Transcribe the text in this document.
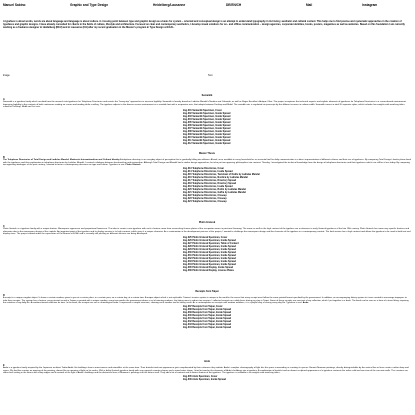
Manuel Sabino	Graphic and Type Design	Heidelberg/Lausanne	DE/EN/CH	Mail	Instagram

A typeface is about words, words are about language and language is about culture. A crossing point between type and graphic design as a basis for system – oriented and conceptual design is an attempt to understand typography in its history, aesthetic and cultural context. This helps me to find precise and systematic approaches in the creation of typefaces and graphic designs. I have already consulted for clients in the fields of culture, lifestyle and architecture. Focused on clear and contemporary aesthetics, I develop visual solutions for on– and offline communication – design agencies, corporate identities, books, posters, magazines as well as websites. Based on this foundation I am currently working as a freelance designer in Heidelberg (DEU) and in Lausanne (CH) after my recent graduation in the Master’s program in Type Design at ECAL.

Image	Text

Semantik

A

Semantik is a typeface family which resulted from the research into typefaces for Telephone Directories and revisits the "heavy-top" approaches to increase legibility. Semantik is loosely based on Ladislas Mandel’s Nordica and Colorado, as well as Roger Excoffon’s Antique Olive. The project recaptures the technical aspects and stylistic elements of typefaces for Telephone Directories in a screen-based environment. Improving legibility in the contexts of both continuous reading on screen and reading while scrolling. The typeface adjusts to the diverse screen environment as a variable font with a responsive axis, that adapts between Desktop and Mobil. The variable axis is regulated via javascript by the different screens in column width. Semantik comes in total 20 separate styles, which includes five weights with matching italics suited for Desktop, Mobil and List cuts.

Img-001 Semantik Specimen, Cover
Img-002 Semantik Specimen, Inside Spread
Img-003 Semantik Specimen, Inside Spread
Img-004 Semantik Specimen, Inside Spread
Img-005 Semantik Specimen, Inside Spread
Img-006 Semantik Specimen, Inside Spread
Img-007 Semantik Specimen, Inside Spread
Img-008 Semantik Specimen, Inside Spread
Img-009 Semantik Specimen, Inside Spread
Img-010 Semantik Specimen, Inside Spread
Img-011 Semantik Specimen, Inside Spread
Img-012 Semantik Specimen, Inside Spread

Master Thesis

B

The Telephone Directories of Total Design and Ladislas Mandel: Modernist Internationalism and Cultural Identity A telephone directory is an everyday object of perception that is gradually falling into oblivion. A book, once available in every household as an essential tool for daily communication is a direct representation of different cultures and their use of typefaces. By comparing Total Design’s books phone book with the typefaces and their explanation in telephone directories by Ladislas Mandel, I created a dialogue between functionalism and regionalism. Although Total Design and Mandel had a similar design approaches, but also put two opposing philosophies into contrast. Thereby, I investigated the technical knowledge from the design of telephone directories and their typefaces which can still be of use today. By comparing two opposing ideologies of the past century, I wanted to foster a contemporary discourse on type and culture. Typeface in use: Plotin Grotesk

Img-013 Telephone Directories, Cover
Img-014 Telephone Directories, Inside Spread
Img-015 Telephone Directories, Testsheet of Outils by Ladislas Mandel
Img-016 Telephone Directories, Nordica by Ladislas Mandel
Img-017 Telephone Directories, Directory Spread
Img-018 Telephone Directories, Directory Spread
Img-019 Telephone Directories, Inside Spread
Img-020 Telephone Directories, Bottin by Ladislas Mandel
Img-021 Telephone Directories, Galfra by Ladislas Mandel
Img-022 Telephone Directories, Closeup
Img-023 Telephone Directories, Closeup
Img-024 Telephone Directories, Closeup

Plotin Grotesk

C

Plotin Grotesk is a typeface family with a unique feature. Monospace uppercase and proportional lowercase. The idea to create a new typeface with such a feature came from researching license plates of the occupation zones in post-war Germany. The name as well as the high contrast of the typeface are a reference to early Grotesk typefaces of the late 19th century. Plotin Grotesk has some very specific features and alternates due to the monospace design of the capitals. An important point of the typeface and its display version is its high contrast, which gives it a unique character. As a continuation in the development process of the project, I wanted to challenge the monospace design and the character of the typeface in a contemporary context. The final version has a high contrast and allows the typeface to be used in both text and display sizes. The project started under the supervision of Kai Bernau at ECAL and is currently still pushing as different versions are being developed.

Img-025 Plotin Grotesk Specimen, Cover
Img-026 Plotin Grotesk Specimen, Inside Spread
Img-027 Plotin Grotesk Specimen, Table of Content
Img-028 Plotin Grotesk Specimen, Inside Spread
Img-029 Plotin Grotesk Specimen, Inside Spread
Img-030 Plotin Grotesk Specimen, Inside Spread
Img-031 Plotin Grotesk Specimen, Inside Spread
Img-032 Plotin Grotesk Specimen, Inside Spread
Img-033 Plotin Grotesk Specimen, Inside Spread
Img-034 Plotin Grotesk Specimen, Inside Spread
Img-035 Plotin Grotesk Display, Inside Spread
Img-036 Plotin Grotesk Display, License Plates

Receipts from Taipei

D

A receipt is a unique singular object. It shows a certain number, given to you at a certain place, in a certain year, on a certain day, at a certain time. A unique object which is not replicable. Taiwan’s invoice system is unique in the world in the sense that every receipt must follow the same printed format specified by the government. In addition, an accompanying lottery system to it was created to encourage taxpayers to take their receipts. The system has a feature, every receipt issued in Taiwan is printed with a unique number, every two months the government draws a set of winning numbers, the lottery aims to reduce tax evasion. I collected receipts on a daily basis during my stay in Taipei. Some of these receipts are now part of my collection, which I put together in a book. The book can be seen as a form of a travel diary, exposing the activities of my daily life. A numbers-based reflection on time. In the book, the receipts are set in chronological order. It represents a simple structure, showing each number and its lottery result. As a contemplation on receipts with random numbers, it is a playful way of seeing every day life. Typeface in use: Ando

Img-037 Receipts from Taipei, Cover
Img-038 Receipts from Taipei, Inside Spread
Img-039 Receipts from Taipei, Inside Spread
Img-040 Receipts from Taipei, Inside Spread
Img-041 Receipts from Taipei, Inside Spread
Img-042 Receipts from Taipei, Inside Spread
Img-043 Receipts from Taipei, Inside Spread
Img-044 Receipts from Taipei, Inside Spread

Ando

E

Ando is a typeface family inspired by the Japanese architect Tadao Andō. His buildings show a massiveness and monolithic at the same time. Their brutalist and raw appearance gets complimented by their calmness they radiate. Ando’s complex choreography of light lets the space surrounding us creating its spaces. Barnett Newman paintings, directly distinguishable by the vertical line or lines create a rather deep and space. We find line creates an opening of the painting, almost like an opening of light on his works. With a bulky Grotesk typeface family with very squarish counter-shapes and a round outer shape, I tried to transfer this elements of Ando’s buildings into a typeface. A combination of brutalist and an almost sculptural appearance of a typeface contrasts the rather cold and raw view of the concrete walls. The counters are rather built cutting in the letters with sharp edges and it reminds of the light in Ando’s buildings and the distinctive lines of Newman’s paintings into the letters itself. They add a lot of contrast and a distinct feature of the typeface. The typeface is available in six weights with matching italics.

Img-045 Ando Specimen, Cover
Img-046 Ando Specimen, Inside Spread
